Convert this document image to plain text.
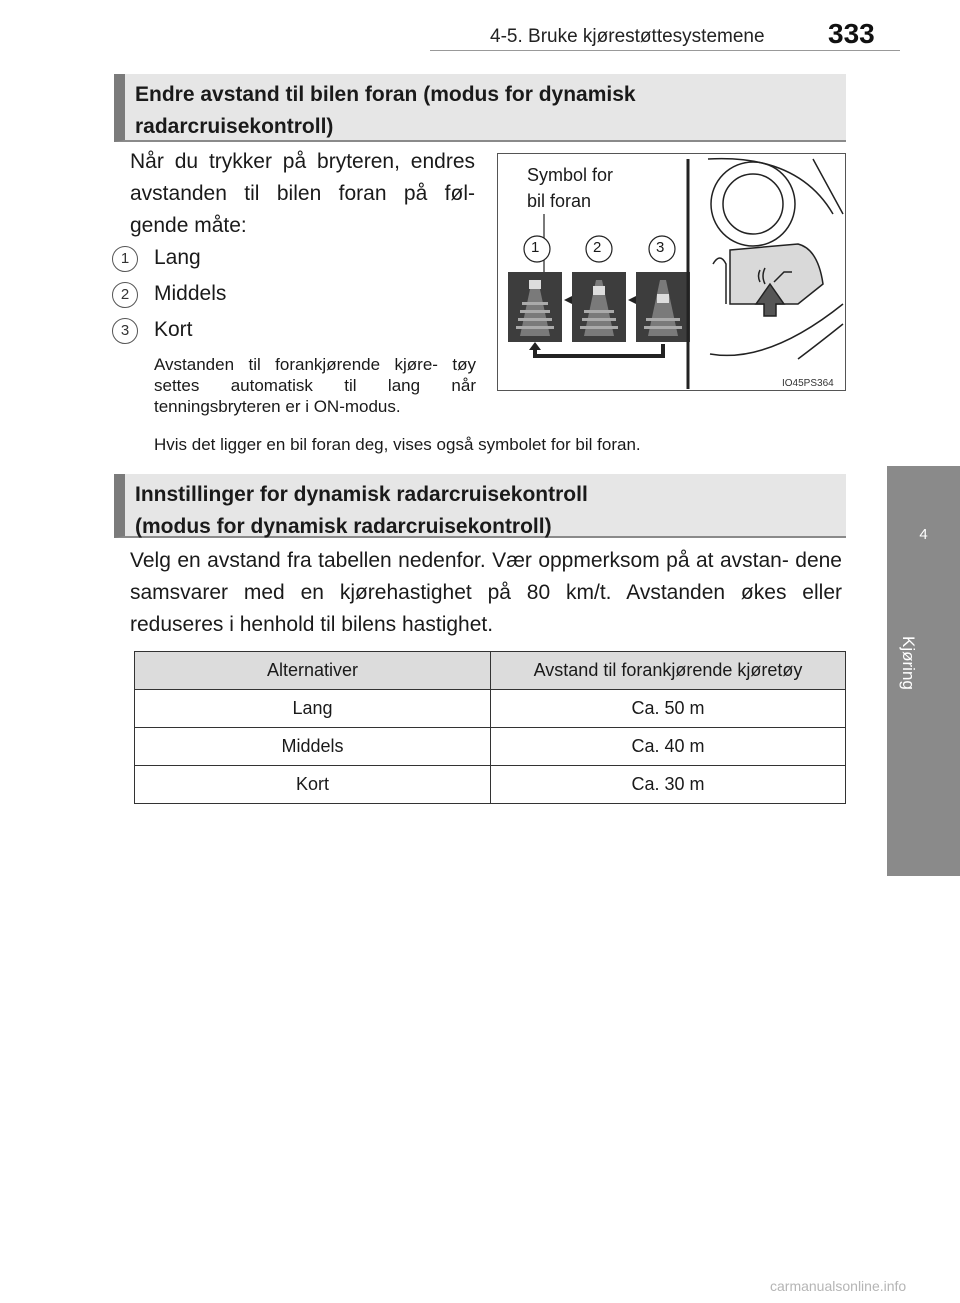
4-5. Bruke kjørestøttesystemene 333
4
Kjøring
Endre avstand til bilen foran (modus for dynamisk
radarcruisekontroll)
Når du trykker på bryteren, endres avstanden til bilen foran på føl- gende måte:
1	Lang
2	Middels
3	Kort
Avstanden til forankjørende kjøre- tøy settes automatisk til lang når tenningsbryteren er i ON-modus.
Hvis det ligger en bil foran deg, vises også symbolet for bil foran.
Symbol for
bil foran
1	2	3
IO45PS364
Innstillinger for dynamisk radarcruisekontroll
(modus for dynamisk radarcruisekontroll)
Velg en avstand fra tabellen nedenfor. Vær oppmerksom på at avstan- dene samsvarer med en kjørehastighet på 80 km/t. Avstanden økes eller reduseres i henhold til bilens hastighet.
Alternativer	Avstand til forankjørende kjøretøy
Lang	Ca. 50 m
Middels	Ca. 40 m
Kort	Ca. 30 m
carmanualsonline.info
